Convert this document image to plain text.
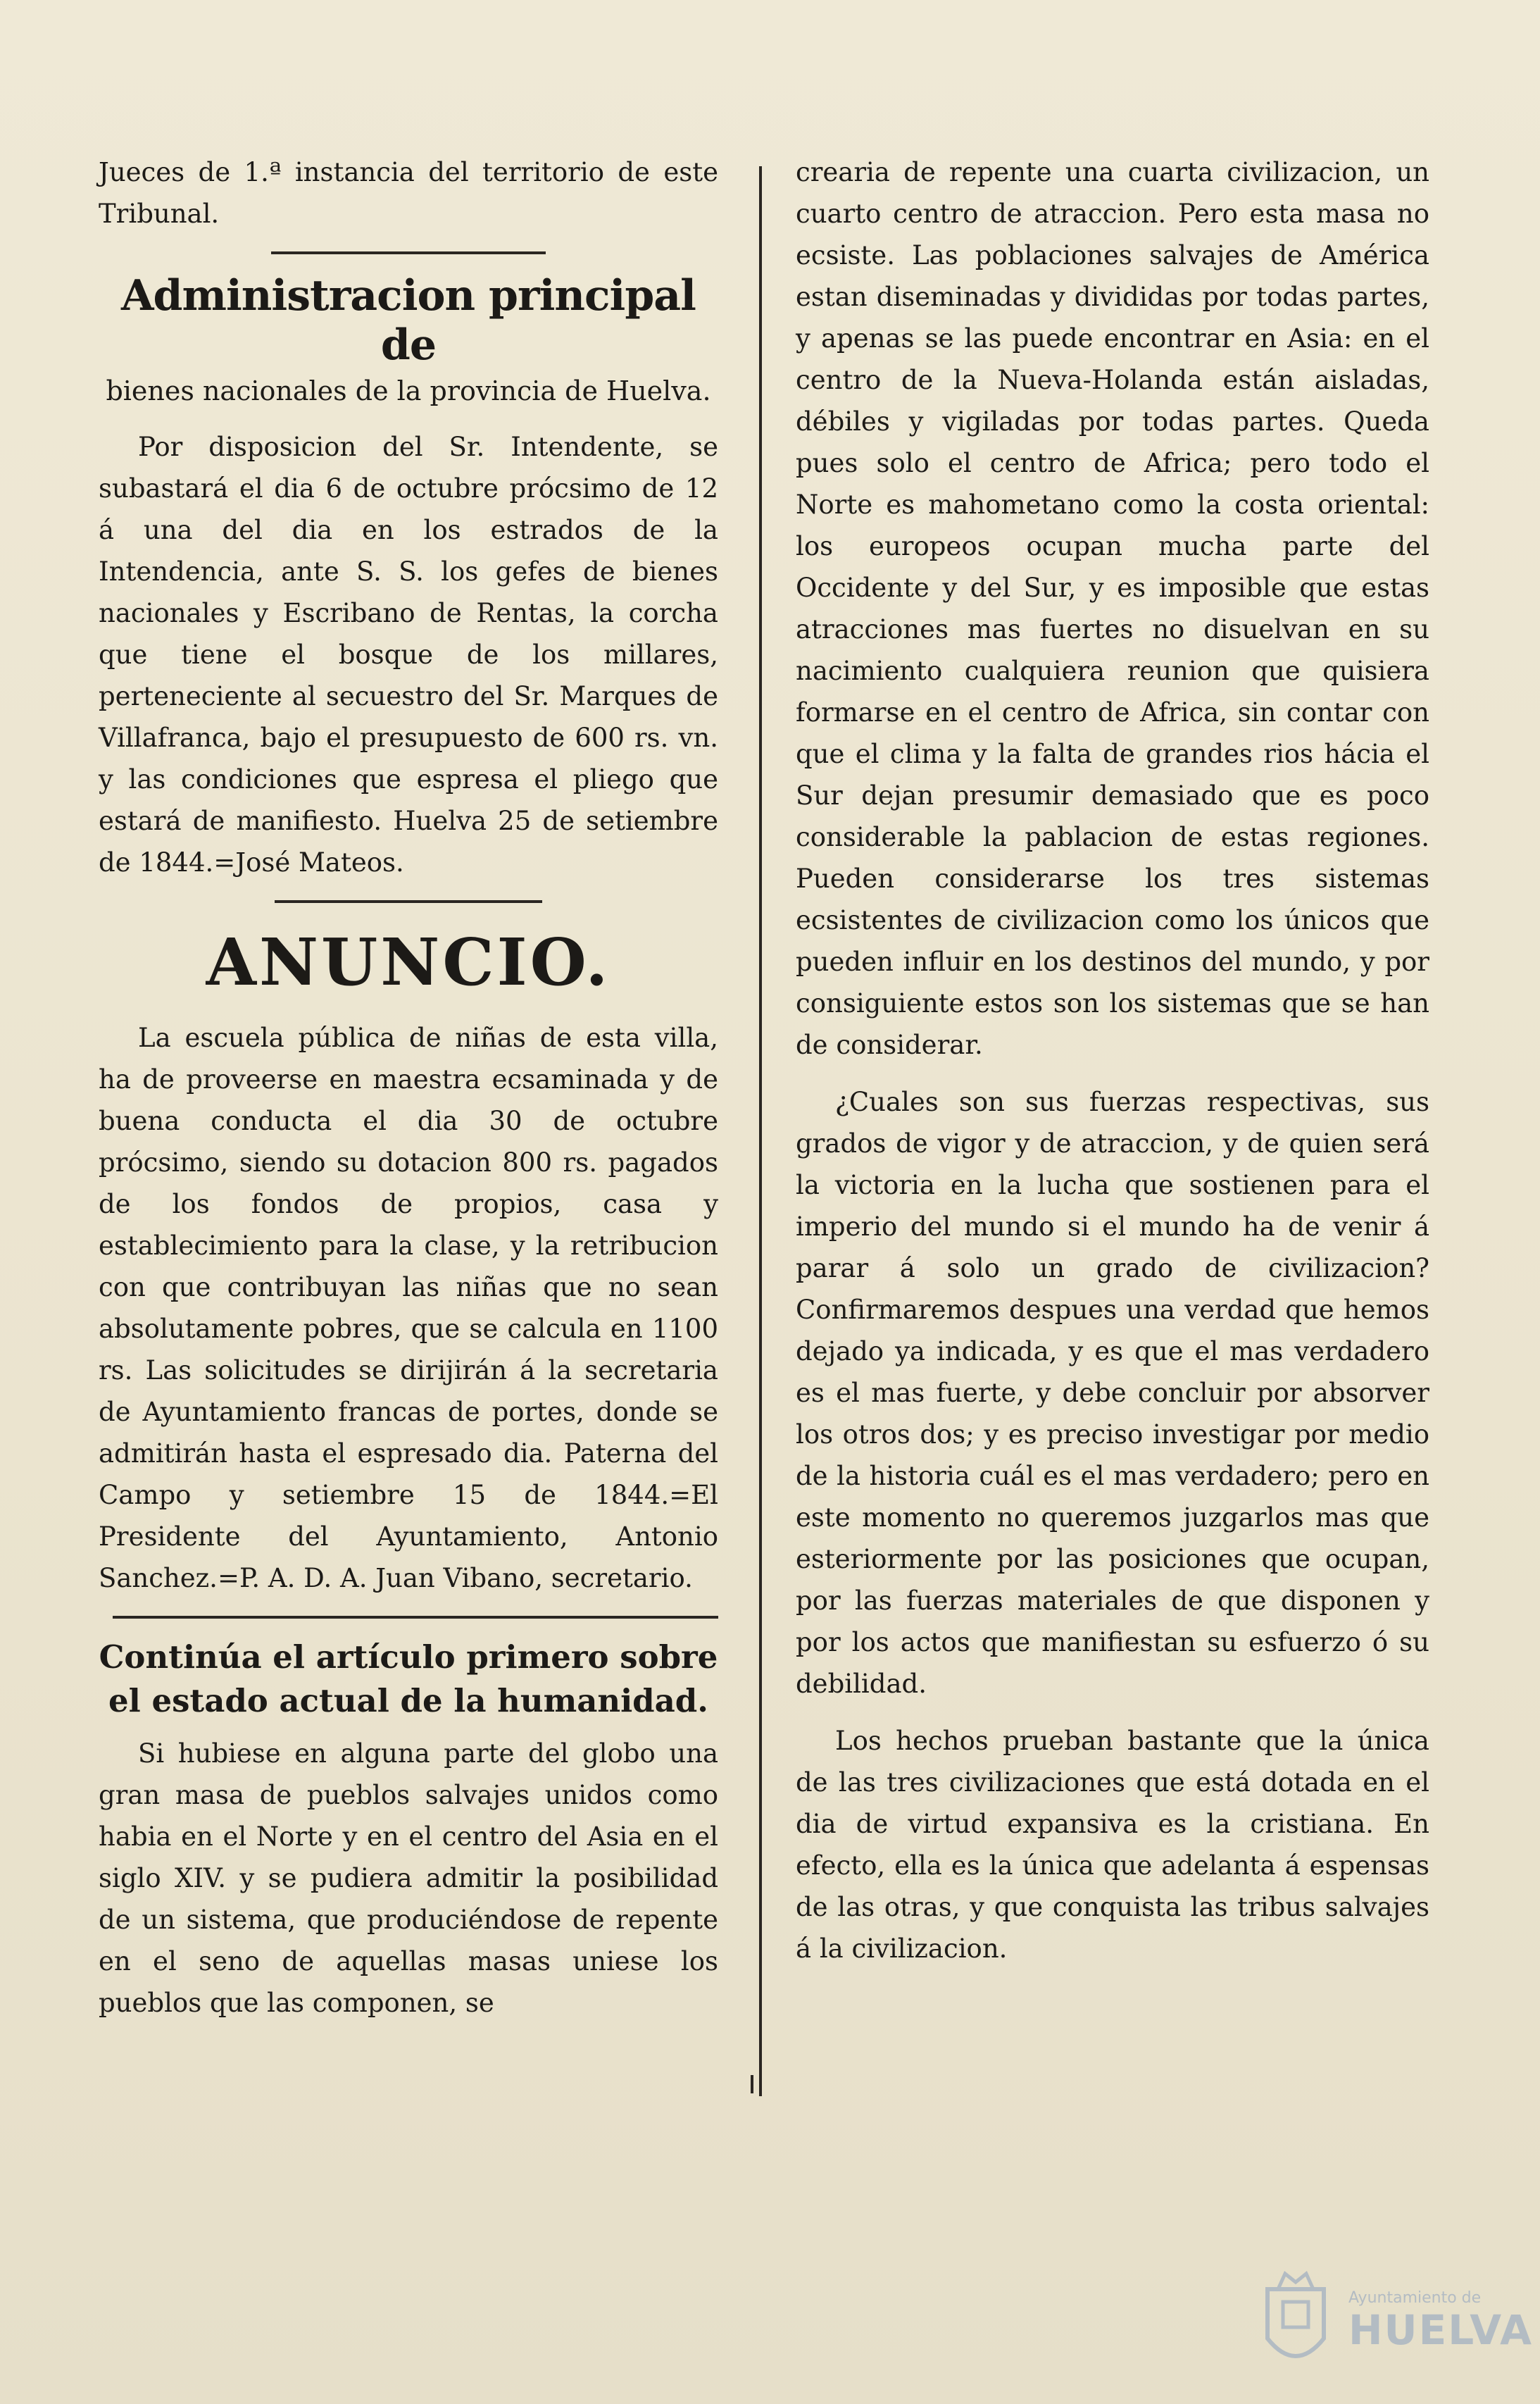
Jueces de 1.ª instancia del territorio de este Tribunal.

Administracion principal de
bienes nacionales de la provincia de Huelva.

Por disposicion del Sr. Intendente, se subastará el dia 6 de octubre prócsimo de 12 á una del dia en los estrados de la Intendencia, ante S. S. los gefes de bienes nacionales y Escribano de Rentas, la corcha que tiene el bosque de los millares, perteneciente al secuestro del Sr. Marques de Villafranca, bajo el presupuesto de 600 rs. vn. y las condiciones que espresa el pliego que estará de manifiesto. Huelva 25 de setiembre de 1844.=José Mateos.

ANUNCIO.

La escuela pública de niñas de esta villa, ha de proveerse en maestra ecsaminada y de buena conducta el dia 30 de octubre prócsimo, siendo su dotacion 800 rs. pagados de los fondos de propios, casa y establecimiento para la clase, y la retribucion con que contribuyan las niñas que no sean absolutamente pobres, que se calcula en 1100 rs. Las solicitudes se dirijirán á la secretaria de Ayuntamiento francas de portes, donde se admitirán hasta el espresado dia. Paterna del Campo y setiembre 15 de 1844.=El Presidente del Ayuntamiento, Antonio Sanchez.=P. A. D. A. Juan Vibano, secretario.

Continúa el artículo primero sobre
el estado actual de la humanidad.

Si hubiese en alguna parte del globo una gran masa de pueblos salvajes unidos como habia en el Norte y en el centro del Asia en el siglo XIV. y se pudiera admitir la posibilidad de un sistema, que produciéndose de repente en el seno de aquellas masas uniese los pueblos que las componen, se

crearia de repente una cuarta civilizacion, un cuarto centro de atraccion. Pero esta masa no ecsiste. Las poblaciones salvajes de América estan diseminadas y divididas por todas partes, y apenas se las puede encontrar en Asia: en el centro de la Nueva-Holanda están aisladas, débiles y vigiladas por todas partes. Queda pues solo el centro de Africa; pero todo el Norte es mahometano como la costa oriental: los europeos ocupan mucha parte del Occidente y del Sur, y es imposible que estas atracciones mas fuertes no disuelvan en su nacimiento cualquiera reunion que quisiera formarse en el centro de Africa, sin contar con que el clima y la falta de grandes rios hácia el Sur dejan presumir demasiado que es poco considerable la pablacion de estas regiones. Pueden considerarse los tres sistemas ecsistentes de civilizacion como los únicos que pueden influir en los destinos del mundo, y por consiguiente estos son los sistemas que se han de considerar.

¿Cuales son sus fuerzas respectivas, sus grados de vigor y de atraccion, y de quien será la victoria en la lucha que sostienen para el imperio del mundo si el mundo ha de venir á parar á solo un grado de civilizacion? Confirmaremos despues una verdad que hemos dejado ya indicada, y es que el mas verdadero es el mas fuerte, y debe concluir por absorver los otros dos; y es preciso investigar por medio de la historia cuál es el mas verdadero; pero en este momento no queremos juzgarlos mas que esteriormente por las posiciones que ocupan, por las fuerzas materiales de que disponen y por los actos que manifiestan su esfuerzo ó su debilidad.

Los hechos prueban bastante que la única de las tres civilizaciones que está dotada en el dia de virtud expansiva es la cristiana. En efecto, ella es la única que adelanta á espensas de las otras, y que conquista las tribus salvajes á la civilizacion.

Ayuntamiento de
HUELVA
